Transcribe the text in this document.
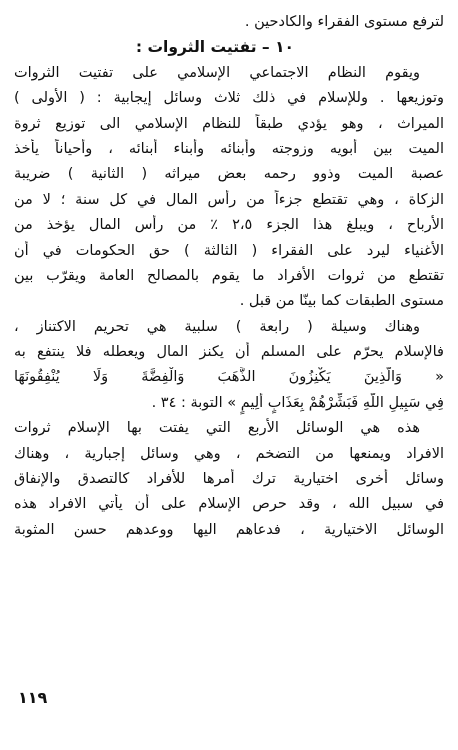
لترفع مستوى الفقراء والكادحين .
١٠ – تفتيت الثروات :
ويقوم النظام الاجتماعي الإسلامي على تفتيت الثروات
وتوزيعها . وللإسلام في ذلك ثلاث وسائل إيجابية : ( الأولى )
الميراث ، وهو يؤدي طبقاً للنظام الإسلامي الى توزيع ثروة
الميت بين أبويه وزوجته وأبنائه وأبناء أبنائه ، وأحياناً يأخذ
عصبة الميت وذوو رحمه بعض ميراثه ( الثانية ) ضريبة
الزكاة ، وهي تقتطع جزءاً من رأس المال في كل سنة ؛ لا من
الأرباح ، ويبلغ هذا الجزء ٢،٥ ٪ من رأس المال يؤخذ من
الأغنياء ليرد على الفقراء ( الثالثة ) حق الحكومات في أن
تقتطع من ثروات الأفراد ما يقوم بالمصالح العامة ويقرّب بين
مستوى الطبقات كما بينّا من قبل .
وهناك وسيلة ( رابعة ) سلبية هي تحريم الاكتناز ،
فالإسلام يحرّم على المسلم أن يكنز المال ويعطله فلا ينتفع به
« وَالَّذِينَ يَكْنِزُونَ الذَّهَبَ وَالْفِضَّةَ وَلَا يُنْفِقُونَهَا
فِي سَبِيلِ اللَّهِ فَبَشِّرْهُمْ بِعَذَابٍ أَلِيمٍ » التوبة : ٣٤ .
هذه هي الوسائل الأربع التي يفتت بها الإسلام ثروات
الافراد ويمنعها من التضخم ، وهي وسائل إجبارية ، وهناك
وسائل أخرى اختيارية ترك أمرها للأفراد كالتصدق والإنفاق
في سبيل الله ، وقد حرص الإسلام على أن يأتي الافراد هذه
الوسائل الاختيارية ، فدعاهم اليها ووعدهم حسن المثوبة
١١٩
